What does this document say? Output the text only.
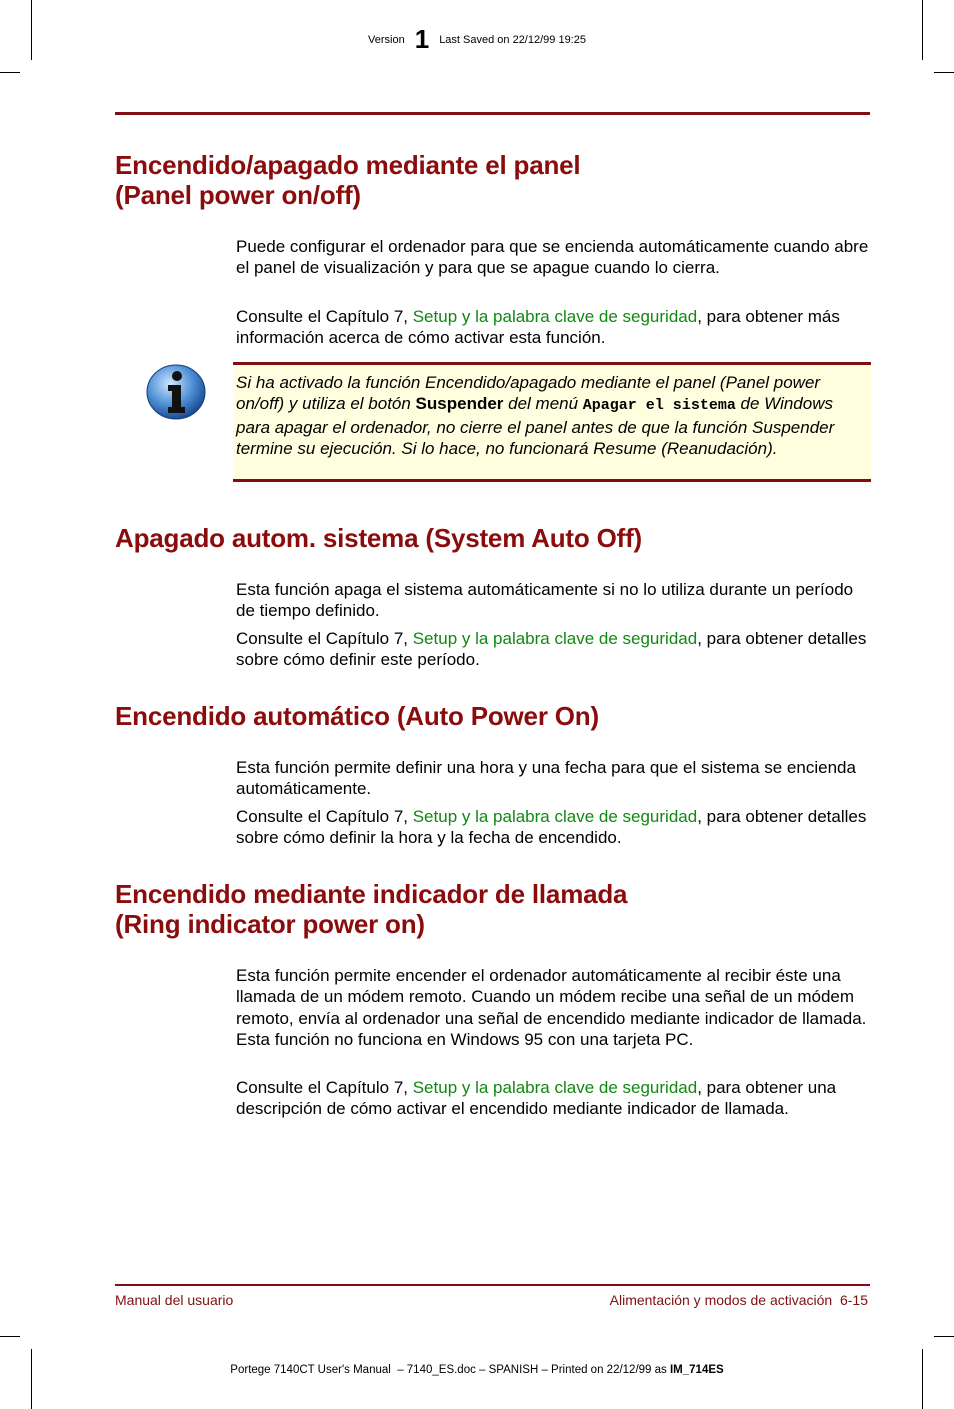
Version 1 Last Saved on 22/12/99 19:25
Encendido/apagado mediante el panel
(Panel power on/off)

Puede configurar el ordenador para que se encienda automáticamente cuando abre el panel de visualización y para que se apague cuando lo cierra.

Consulte el Capítulo 7, Setup y la palabra clave de seguridad, para obtener más información acerca de cómo activar esta función.

Si ha activado la función Encendido/apagado mediante el panel (Panel power on/off) y utiliza el botón Suspender del menú Apagar el sistema de Windows para apagar el ordenador, no cierre el panel antes de que la función Suspender termine su ejecución. Si lo hace, no funcionará Resume (Reanudación).

Apagado autom. sistema (System Auto Off)

Esta función apaga el sistema automáticamente si no lo utiliza durante un período de tiempo definido.

Consulte el Capítulo 7, Setup y la palabra clave de seguridad, para obtener detalles sobre cómo definir este período.

Encendido automático (Auto Power On)

Esta función permite definir una hora y una fecha para que el sistema se encienda automáticamente.

Consulte el Capítulo 7, Setup y la palabra clave de seguridad, para obtener detalles sobre cómo definir la hora y la fecha de encendido.

Encendido mediante indicador de llamada
(Ring indicator power on)

Esta función permite encender el ordenador automáticamente al recibir éste una llamada de un módem remoto. Cuando un módem recibe una señal de un módem remoto, envía al ordenador una señal de encendido mediante indicador de llamada. Esta función no funciona en Windows 95 con una tarjeta PC.

Consulte el Capítulo 7, Setup y la palabra clave de seguridad, para obtener una descripción de cómo activar el encendido mediante indicador de llamada.

Manual del usuario	Alimentación y modos de activación  6-15
Portege 7140CT User's Manual  – 7140_ES.doc – SPANISH – Printed on 22/12/99 as IM_714ES
